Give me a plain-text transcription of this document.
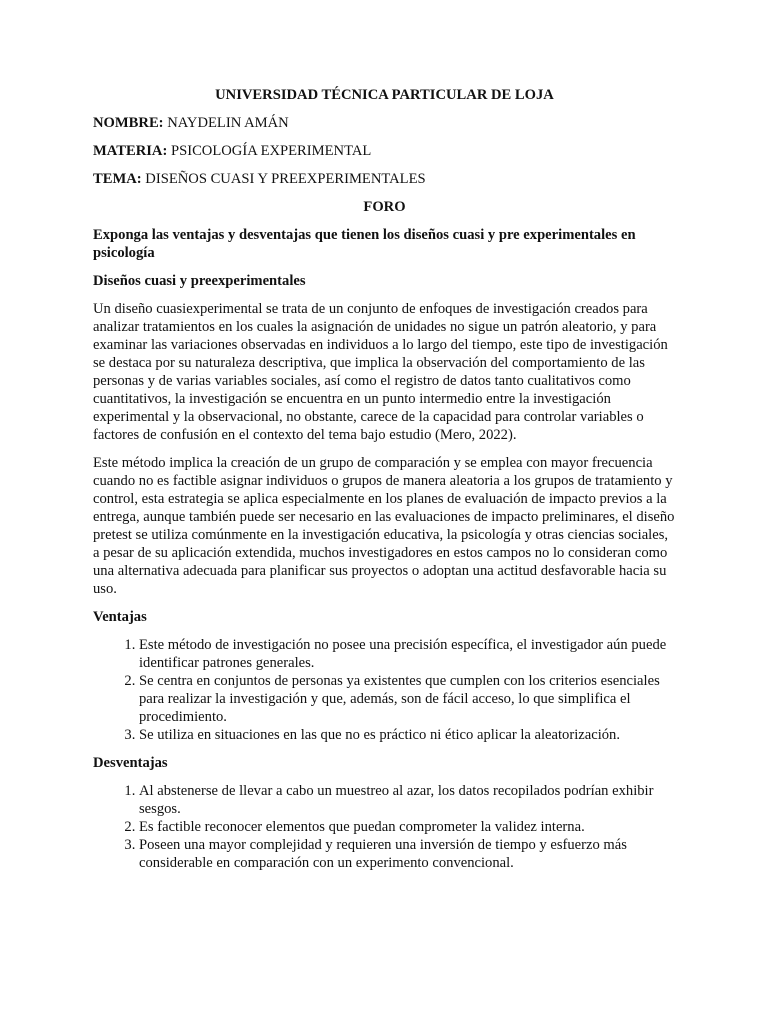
UNIVERSIDAD TÉCNICA PARTICULAR DE LOJA

NOMBRE: NAYDELIN AMÁN

MATERIA: PSICOLOGÍA EXPERIMENTAL

TEMA: DISEÑOS CUASI Y PREEXPERIMENTALES

FORO

Exponga las ventajas y desventajas que tienen los diseños cuasi y pre experimentales en psicología

Diseños cuasi y preexperimentales

Un diseño cuasiexperimental se trata de un conjunto de enfoques de investigación creados para analizar tratamientos en los cuales la asignación de unidades no sigue un patrón aleatorio, y para examinar las variaciones observadas en individuos a lo largo del tiempo, este tipo de investigación se destaca por su naturaleza descriptiva, que implica la observación del comportamiento de las personas y de varias variables sociales, así como el registro de datos tanto cualitativos como cuantitativos, la investigación se encuentra en un punto intermedio entre la investigación experimental y la observacional, no obstante, carece de la capacidad para controlar variables o factores de confusión en el contexto del tema bajo estudio (Mero, 2022).

Este método implica la creación de un grupo de comparación y se emplea con mayor frecuencia cuando no es factible asignar individuos o grupos de manera aleatoria a los grupos de tratamiento y control, esta estrategia se aplica especialmente en los planes de evaluación de impacto previos a la entrega, aunque también puede ser necesario en las evaluaciones de impacto preliminares, el diseño pretest se utiliza comúnmente en la investigación educativa, la psicología y otras ciencias sociales, a pesar de su aplicación extendida, muchos investigadores en estos campos no lo consideran como una alternativa adecuada para planificar sus proyectos o adoptan una actitud desfavorable hacia su uso.

Ventajas

1. Este método de investigación no posee una precisión específica, el investigador aún puede identificar patrones generales.
2. Se centra en conjuntos de personas ya existentes que cumplen con los criterios esenciales para realizar la investigación y que, además, son de fácil acceso, lo que simplifica el procedimiento.
3. Se utiliza en situaciones en las que no es práctico ni ético aplicar la aleatorización.

Desventajas

1. Al abstenerse de llevar a cabo un muestreo al azar, los datos recopilados podrían exhibir sesgos.
2. Es factible reconocer elementos que puedan comprometer la validez interna.
3. Poseen una mayor complejidad y requieren una inversión de tiempo y esfuerzo más considerable en comparación con un experimento convencional.
